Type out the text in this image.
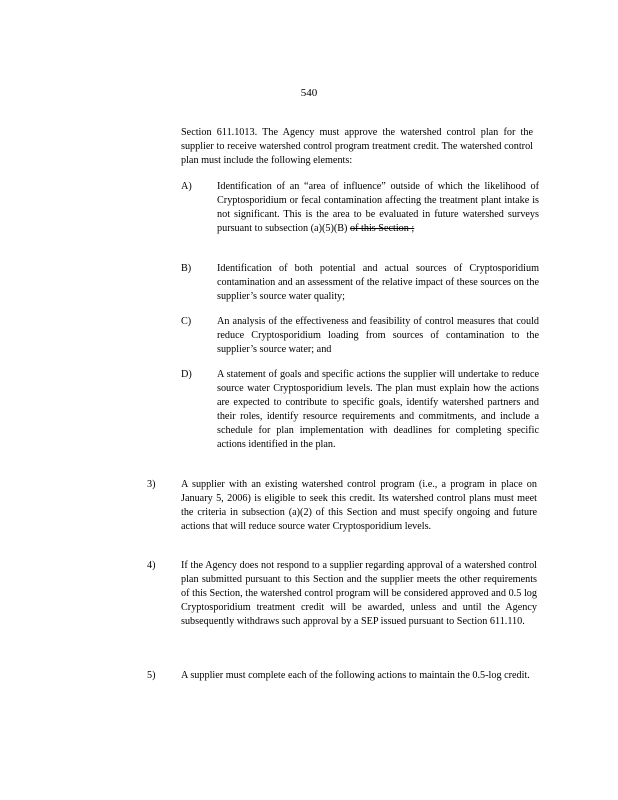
540
Section 611.1013. The Agency must approve the watershed control plan for the supplier to receive watershed control program treatment credit. The watershed control plan must include the following elements:
A) Identification of an “area of influence” outside of which the likelihood of Cryptosporidium or fecal contamination affecting the treatment plant intake is not significant. This is the area to be evaluated in future watershed surveys pursuant to subsection (a)(5)(B) of this Section ;
B)	Identification of both potential and actual sources of Cryptosporidium contamination and an assessment of the relative impact of these sources on the supplier’s source water quality;
C)	An analysis of the effectiveness and feasibility of control measures that could reduce Cryptosporidium loading from sources of contamination to the supplier’s source water; and
D) A statement of goals and specific actions the supplier will undertake to reduce source water Cryptosporidium levels. The plan must explain how the actions are expected to contribute to specific goals, identify watershed partners and their roles, identify resource requirements and commitments, and include a schedule for plan implementation with deadlines for completing specific actions identified in the plan.
3)	A supplier with an existing watershed control program (i.e., a program in place on January 5, 2006) is eligible to seek this credit. Its watershed control plans must meet the criteria in subsection (a)(2) of this Section and must specify ongoing and future actions that will reduce source water Cryptosporidium levels.
4)	If the Agency does not respond to a supplier regarding approval of a watershed control plan submitted pursuant to this Section and the supplier meets the other requirements of this Section, the watershed control program will be considered approved and 0.5 log Cryptosporidium treatment credit will be awarded, unless and until the Agency subsequently withdraws such approval by a SEP issued pursuant to Section 611.110.
5)	A supplier must complete each of the following actions to maintain the 0.5-log credit.
